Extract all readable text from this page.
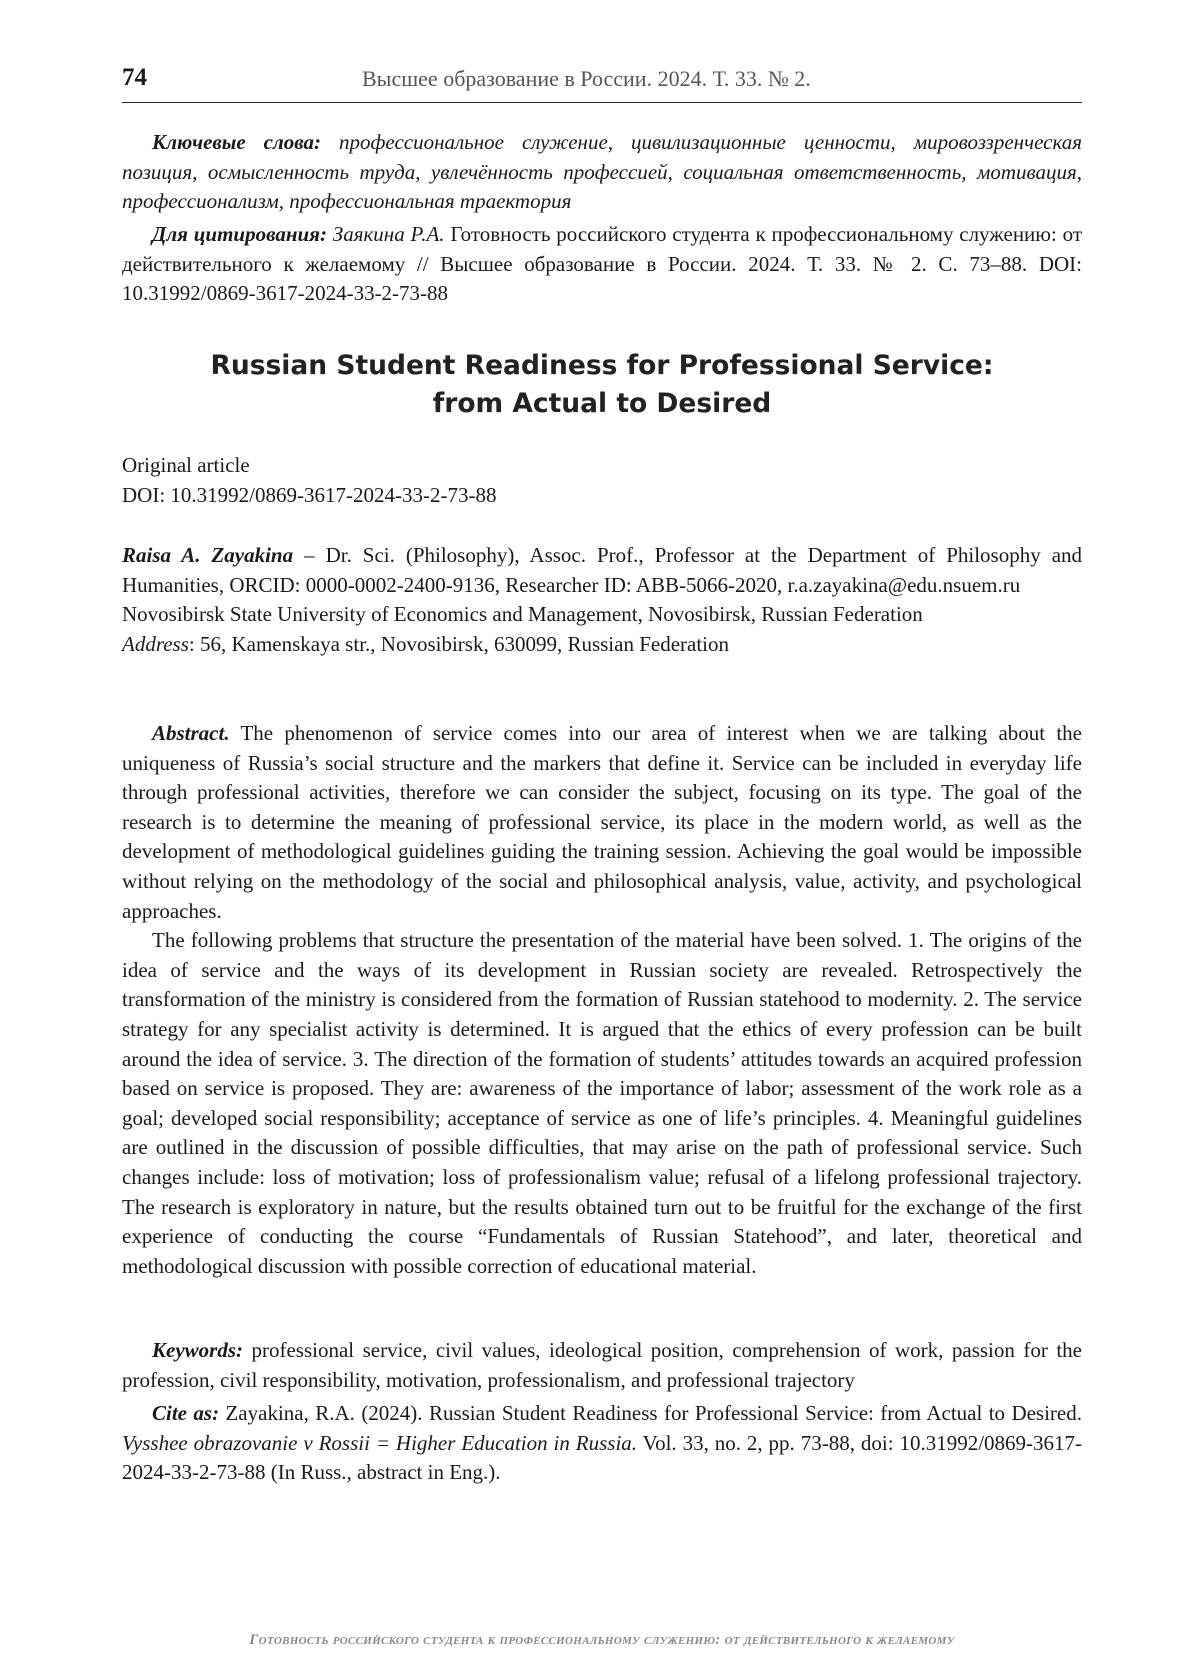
74	Высшее образование в России. 2024. Т. 33. № 2.

Ключевые слова: профессиональное служение, цивилизационные ценности, мировоззренческая позиция, осмысленность труда, увлечённость профессией, социальная ответственность, мотивация, профессионализм, профессиональная траектория

Для цитирования: Заякина Р.А. Готовность российского студента к профессиональному служению: от действительного к желаемому // Высшее образование в России. 2024. Т. 33. № 2. С. 73–88. DOI: 10.31992/0869-3617-2024-33-2-73-88

Russian Student Readiness for Professional Service:
from Actual to Desired

Original article

DOI: 10.31992/0869-3617-2024-33-2-73-88

Raisa A. Zayakina – Dr. Sci. (Philosophy), Assoc. Prof., Professor at the Department of Philosophy and Humanities, ORCID: 0000-0002-2400-9136, Researcher ID: ABB-5066-2020, r.a.zayakina@edu.nsuem.ru

Novosibirsk State University of Economics and Management, Novosibirsk, Russian Federation

Address: 56, Kamenskaya str., Novosibirsk, 630099, Russian Federation

Abstract. The phenomenon of service comes into our area of interest when we are talking about the uniqueness of Russia’s social structure and the markers that define it. Service can be included in everyday life through professional activities, therefore we can consider the subject, focusing on its type. The goal of the research is to determine the meaning of professional service, its place in the modern world, as well as the development of methodological guidelines guiding the training session. Achieving the goal would be impossible without relying on the methodology of the social and philosophical analysis, value, activity, and psychological approaches.

The following problems that structure the presentation of the material have been solved. 1. The origins of the idea of service and the ways of its development in Russian society are revealed. Retrospectively the transformation of the ministry is considered from the formation of Russian statehood to modernity. 2. The service strategy for any specialist activity is determined. It is argued that the ethics of every profession can be built around the idea of service. 3. The direction of the formation of students’ attitudes towards an acquired profession based on service is proposed. They are: awareness of the importance of labor; assessment of the work role as a goal; developed social responsibility; acceptance of service as one of life’s principles. 4. Meaningful guidelines are outlined in the discussion of possible difficulties, that may arise on the path of professional service. Such changes include: loss of motivation; loss of professionalism value; refusal of a lifelong professional trajectory. The research is exploratory in nature, but the results obtained turn out to be fruitful for the exchange of the first experience of conducting the course “Fundamentals of Russian Statehood”, and later, theoretical and methodological discussion with possible correction of educational material.

Keywords: professional service, civil values, ideological position, comprehension of work, passion for the profession, civil responsibility, motivation, professionalism, and professional trajectory

Cite as: Zayakina, R.A. (2024). Russian Student Readiness for Professional Service: from Actual to Desired. Vysshee obrazovanie v Rossii = Higher Education in Russia. Vol. 33, no. 2, pp. 73-88, doi: 10.31992/0869-3617-2024-33-2-73-88 (In Russ., abstract in Eng.).

Готовность российского студента к профессиональному служению: от действительного к желаемому
